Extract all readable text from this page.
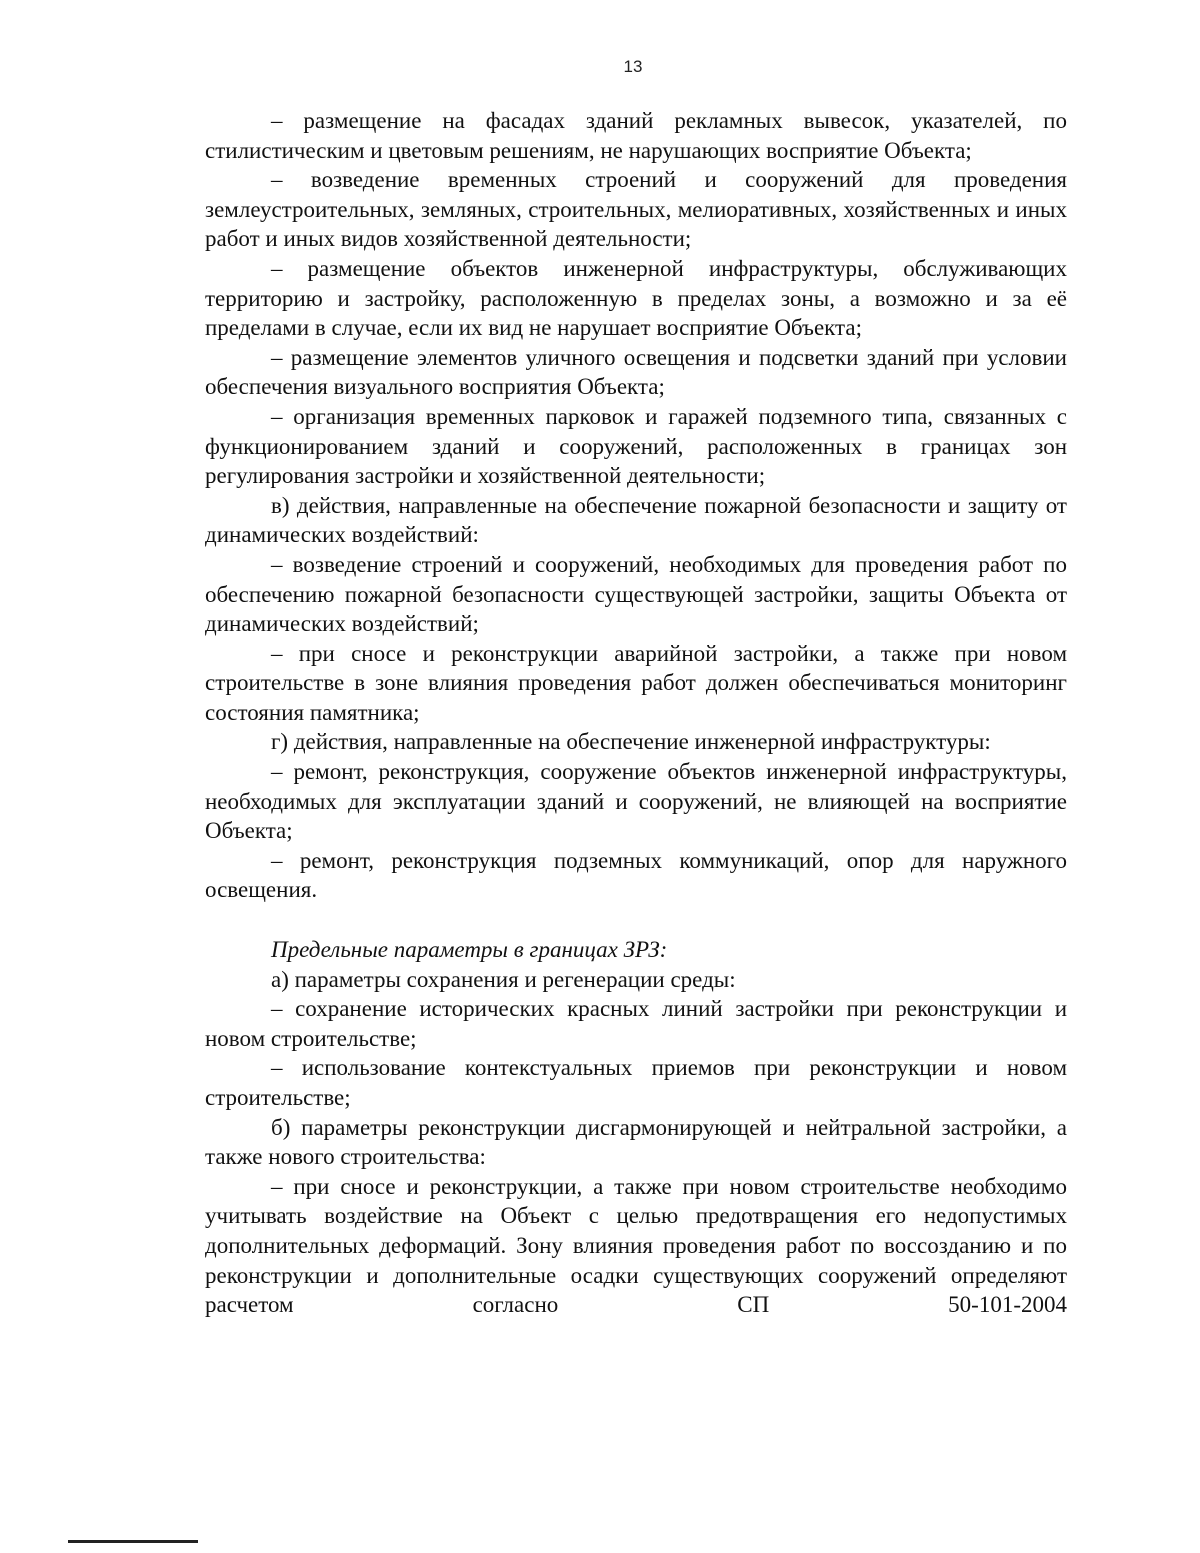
13

– размещение на фасадах зданий рекламных вывесок, указателей, по стилистическим и цветовым решениям, не нарушающих восприятие Объекта;

– возведение временных строений и сооружений для проведения землеустроительных, земляных, строительных, мелиоративных, хозяйственных и иных работ и иных видов хозяйственной деятельности;

– размещение объектов инженерной инфраструктуры, обслуживающих территорию и застройку, расположенную в пределах зоны, а возможно и за её пределами в случае, если их вид не нарушает восприятие Объекта;

– размещение элементов уличного освещения и подсветки зданий при условии обеспечения визуального восприятия Объекта;

– организация временных парковок и гаражей подземного типа, связанных с функционированием зданий и сооружений, расположенных в границах зон регулирования застройки и хозяйственной деятельности;

в) действия, направленные на обеспечение пожарной безопасности и защиту от динамических воздействий:

– возведение строений и сооружений, необходимых для проведения работ по обеспечению пожарной безопасности существующей застройки, защиты Объекта от динамических воздействий;

– при сносе и реконструкции аварийной застройки, а также при новом строительстве в зоне влияния проведения работ должен обеспечиваться мониторинг состояния памятника;

г) действия, направленные на обеспечение инженерной инфраструктуры:

– ремонт, реконструкция, сооружение объектов инженерной инфраструктуры, необходимых для эксплуатации зданий и сооружений, не влияющей на восприятие Объекта;

– ремонт, реконструкция подземных коммуникаций, опор для наружного освещения.

Предельные параметры в границах ЗРЗ:

а) параметры сохранения и регенерации среды:

– сохранение исторических красных линий застройки при реконструкции и новом строительстве;

– использование контекстуальных приемов при реконструкции и новом строительстве;

б) параметры реконструкции дисгармонирующей и нейтральной застройки, а также нового строительства:

– при сносе и реконструкции, а также при новом строительстве необходимо учитывать воздействие на Объект с целью предотвращения его недопустимых дополнительных деформаций. Зону влияния проведения работ по воссозданию и по реконструкции и дополнительные осадки существующих сооружений определяют расчетом согласно СП 50-101-2004
